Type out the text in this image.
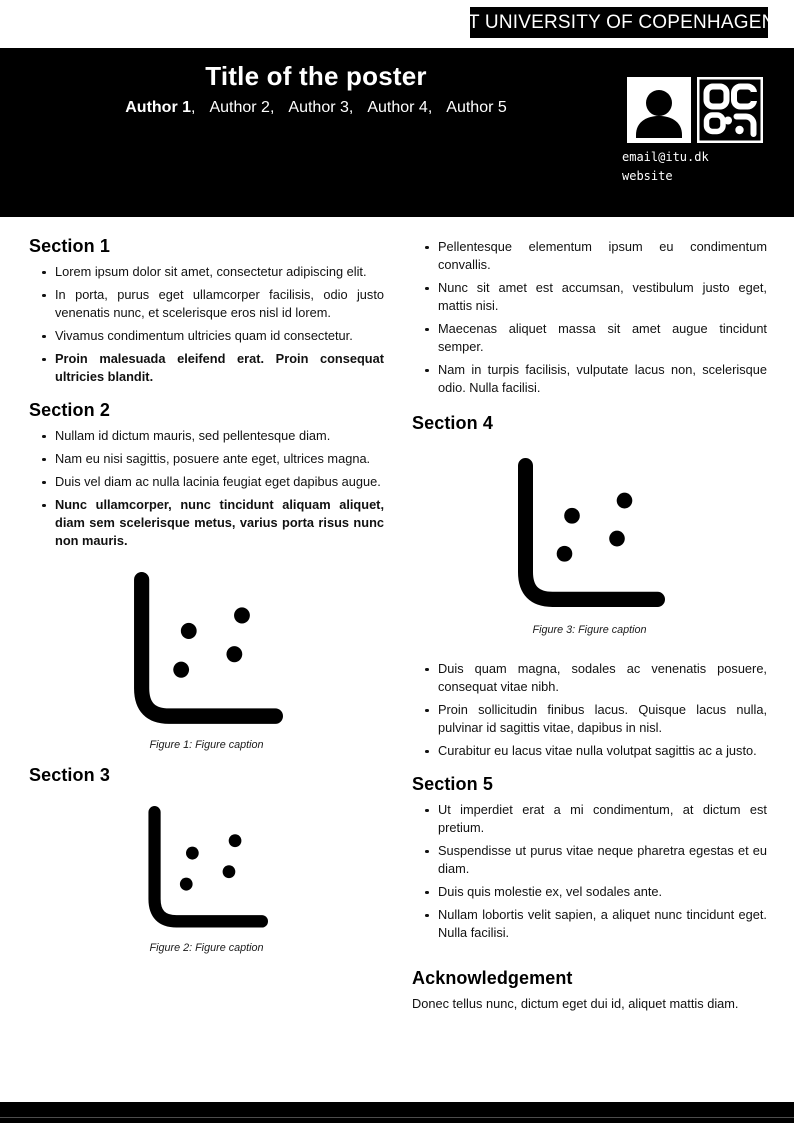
IT UNIVERSITY OF COPENHAGEN
Title of the poster
Author 1, Author 2, Author 3, Author 4, Author 5
email@itu.dk
website
Section 1
Lorem ipsum dolor sit amet, consectetur adipiscing elit.
In porta, purus eget ullamcorper facilisis, odio justo venenatis nunc, et scelerisque eros nisl id lorem.
Vivamus condimentum ultricies quam id consectetur.
Proin malesuada eleifend erat. Proin consequat ultricies blandit.
Section 2
Nullam id dictum mauris, sed pellentesque diam.
Nam eu nisi sagittis, posuere ante eget, ultrices magna.
Duis vel diam ac nulla lacinia feugiat eget dapibus augue.
Nunc ullamcorper, nunc tincidunt aliquam aliquet, diam sem scelerisque metus, varius porta risus nunc non mauris.
Figure 1: Figure caption
Section 3
Figure 2: Figure caption
Pellentesque elementum ipsum eu condimentum convallis.
Nunc sit amet est accumsan, vestibulum justo eget, mattis nisi.
Maecenas aliquet massa sit amet augue tincidunt semper.
Nam in turpis facilisis, vulputate lacus non, scelerisque odio. Nulla facilisi.
Section 4
Figure 3: Figure caption
Duis quam magna, sodales ac venenatis posuere, consequat vitae nibh.
Proin sollicitudin finibus lacus. Quisque lacus nulla, pulvinar id sagittis vitae, dapibus in nisl.
Curabitur eu lacus vitae nulla volutpat sagittis ac a justo.
Section 5
Ut imperdiet erat a mi condimentum, at dictum est pretium.
Suspendisse ut purus vitae neque pharetra egestas et eu diam.
Duis quis molestie ex, vel sodales ante.
Nullam lobortis velit sapien, a aliquet nunc tincidunt eget. Nulla facilisi.
Acknowledgement

Donec tellus nunc, dictum eget dui id, aliquet mattis diam.
